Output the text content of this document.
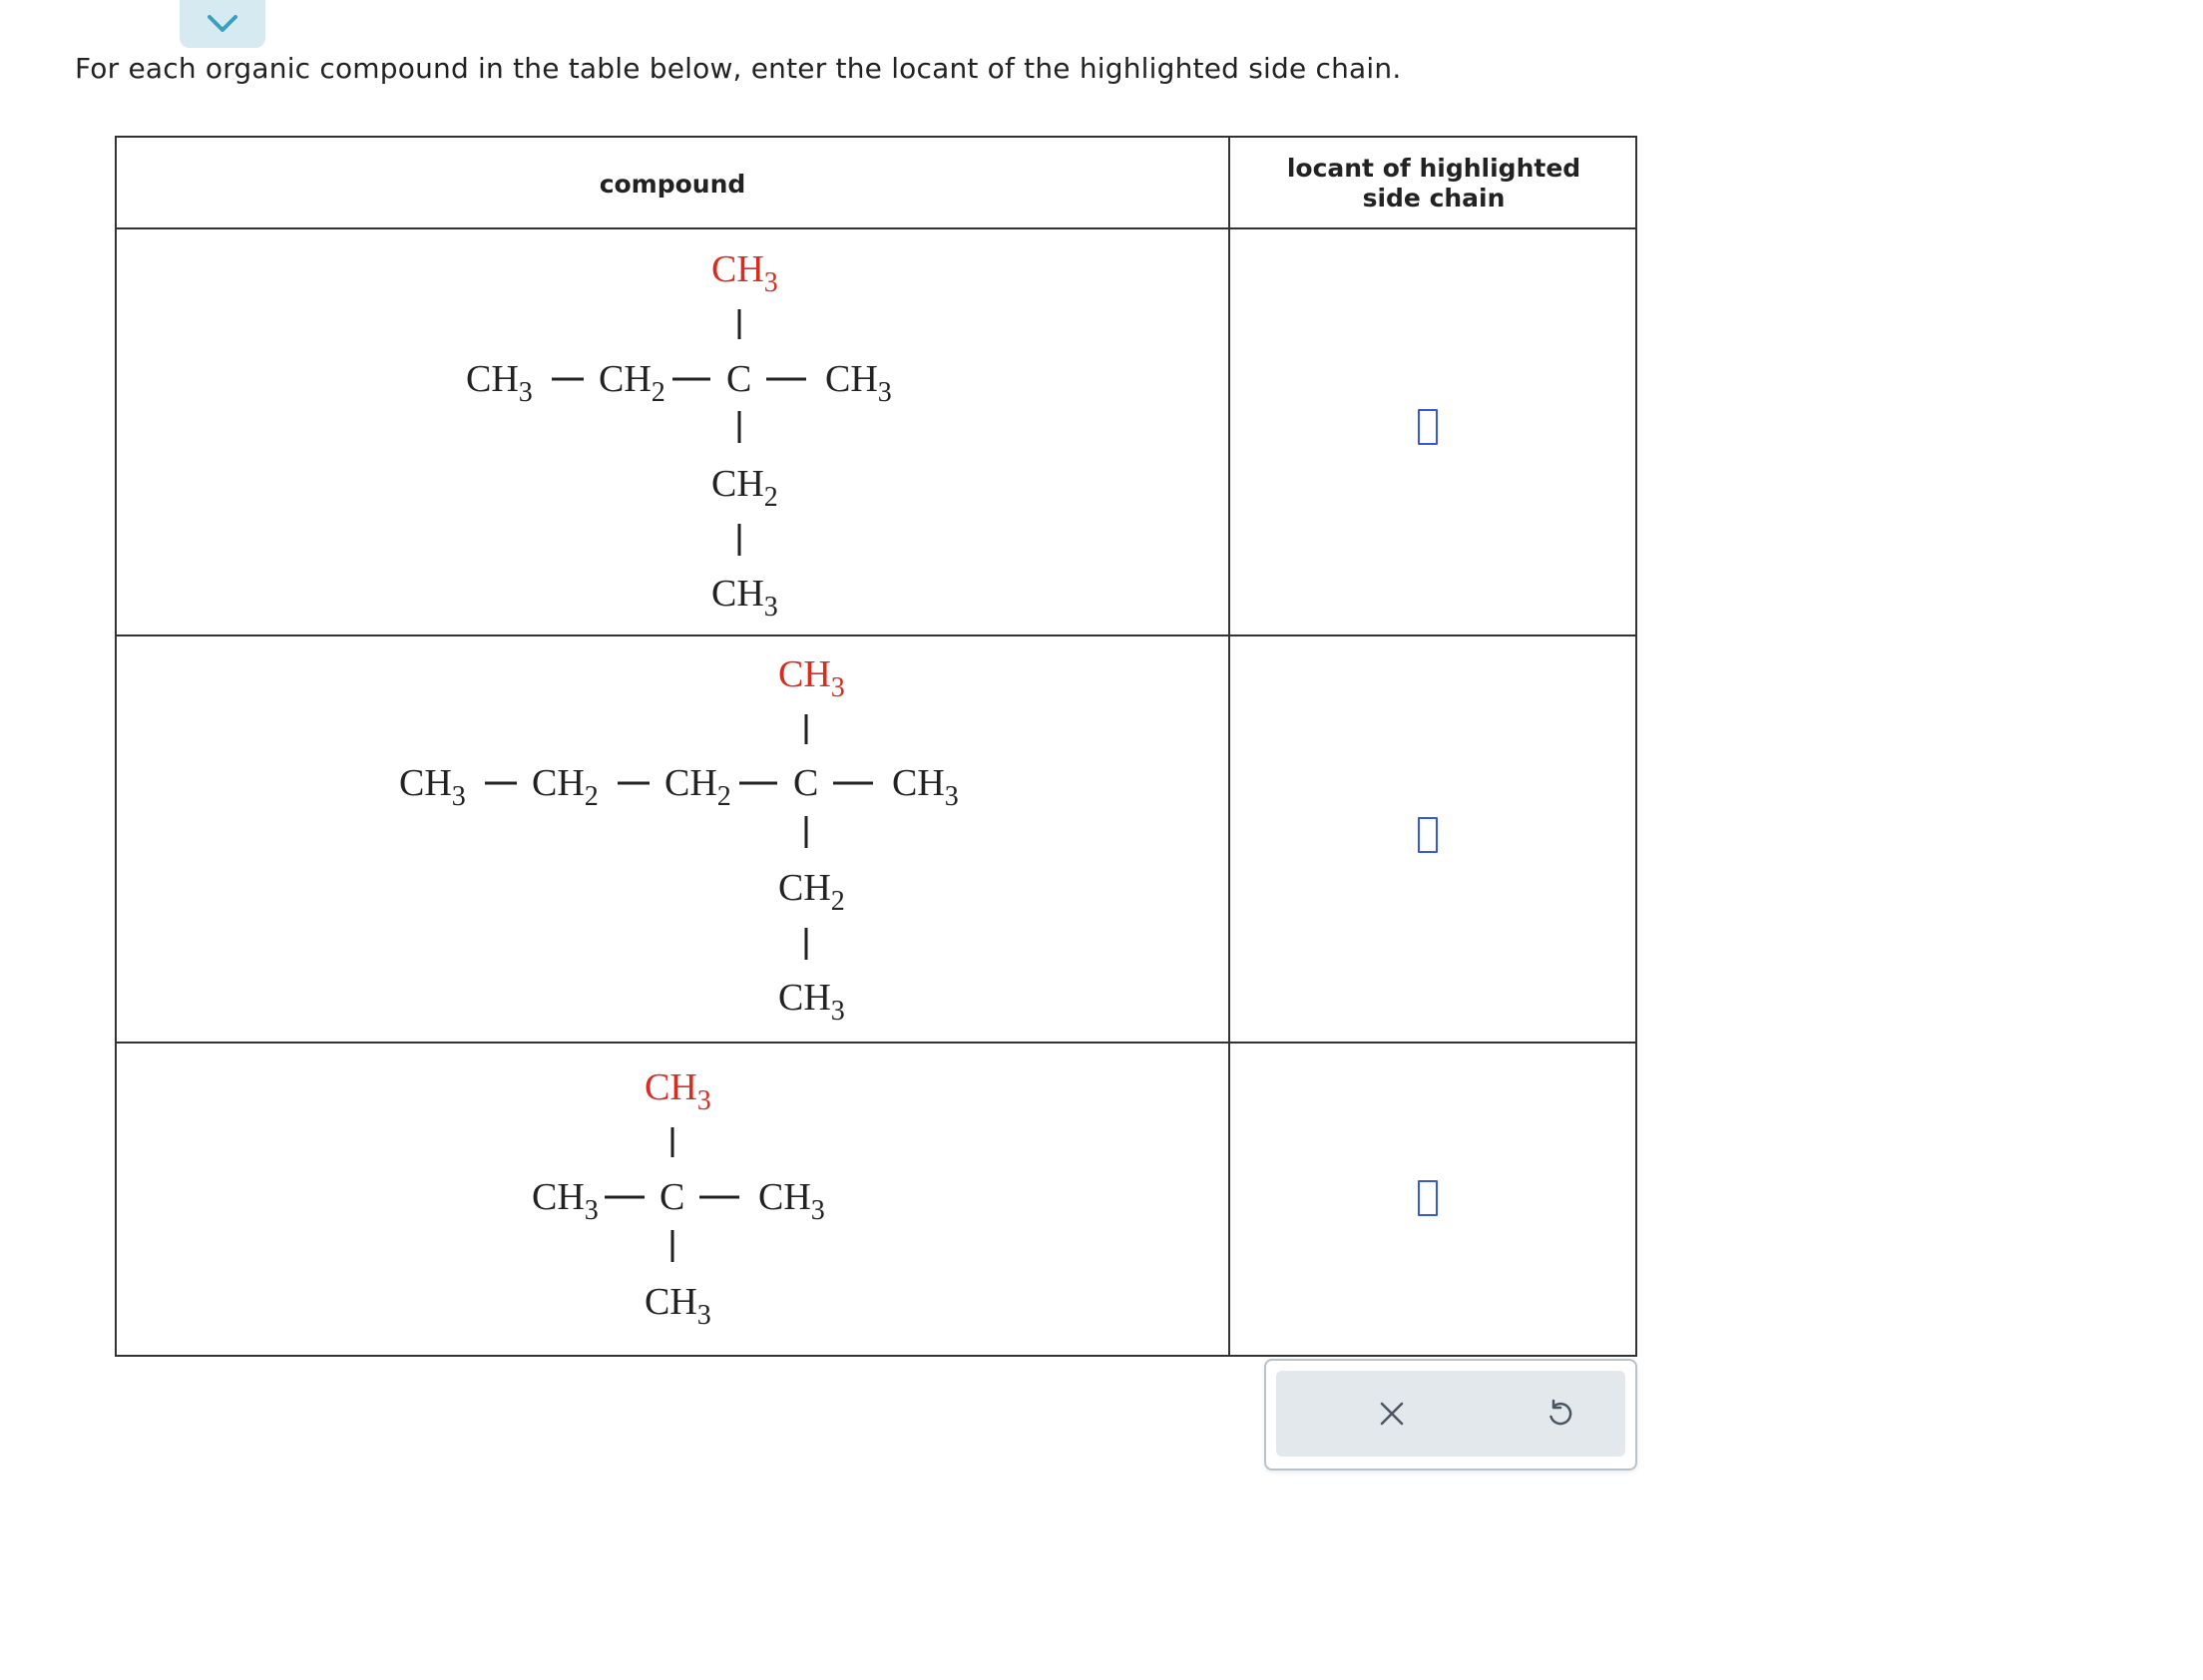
For each organic compound in the table below, enter the locant of the highlighted side chain.
compound
locant of highlighted side chain
$CH_3$
$CH_3$ $CH_2$ C $CH_3$
$CH_2$
$CH_3$
$CH_3$
$CH_3$ $CH_2$ $CH_2$ C $CH_3$
$CH_2$
$CH_3$
$CH_3$
$CH_3$ C $CH_3$
$CH_3$
